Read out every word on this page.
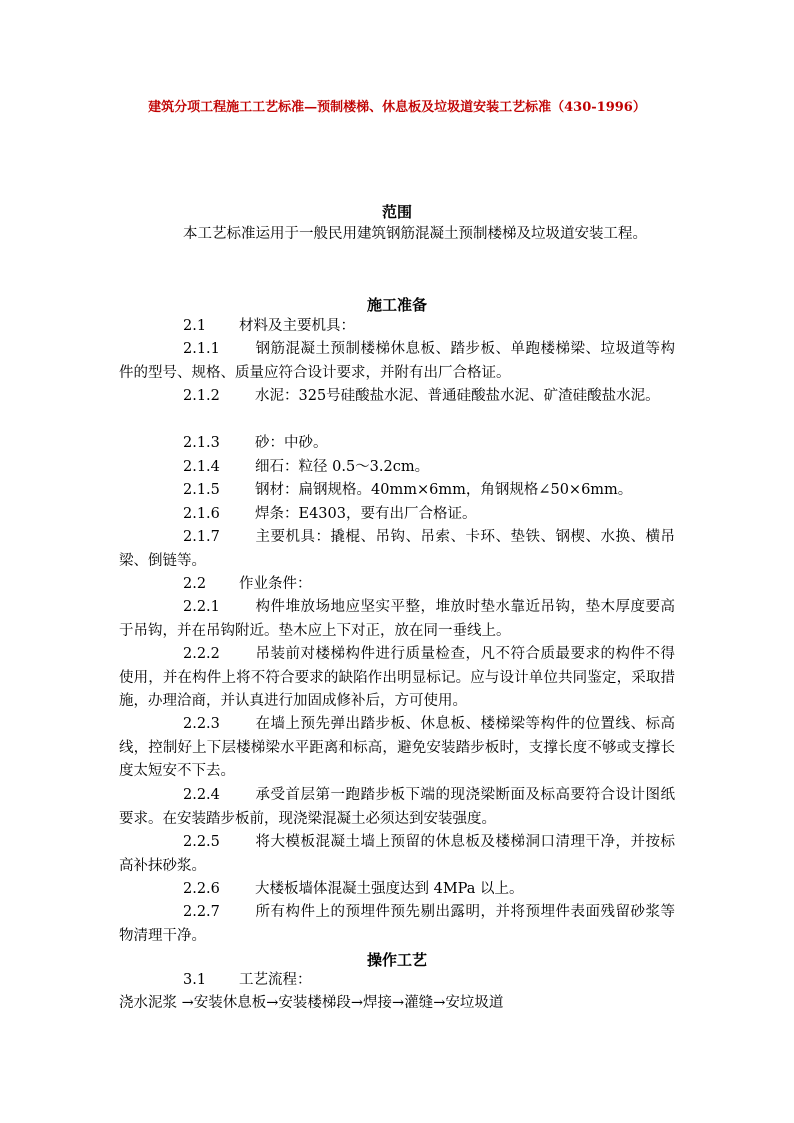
建筑分项工程施工工艺标准—预制楼梯、休息板及垃圾道安装工艺标准（430-1996）
范围
本工艺标准运用于一般民用建筑钢筋混凝土预制楼梯及垃圾道安装工程。
施工准备
2.1 材料及主要机具：
2.1.1 钢筋混凝土预制楼梯休息板、踏步板、单跑楼梯梁、垃圾道等构件的型号、规格、质量应符合设计要求，并附有出厂合格证。
2.1.2 水泥：325号硅酸盐水泥、普通硅酸盐水泥、矿渣硅酸盐水泥。
2.1.3 砂：中砂。
2.1.4 细石：粒径 0.5～3.2cm。
2.1.5 钢材：扁钢规格。40mm×6mm，角钢规格∠50×6mm。
2.1.6 焊条：E4303，要有出厂合格证。
2.1.7 主要机具：撬棍、吊钩、吊索、卡环、垫铁、钢楔、水换、横吊梁、倒链等。
2.2 作业条件：
2.2.1 构件堆放场地应坚实平整，堆放时垫水靠近吊钩，垫木厚度要高于吊钩，并在吊钩附近。垫木应上下对正，放在同一垂线上。
2.2.2 吊装前对楼梯构件进行质量检查，凡不符合质最要求的构件不得使用，并在构件上将不符合要求的缺陷作出明显标记。应与设计单位共同鉴定，采取措施，办理洽商，并认真进行加固成修补后，方可使用。
2.2.3 在墙上预先弹出踏步板、休息板、楼梯梁等构件的位置线、标高线，控制好上下层楼梯梁水平距离和标高，避免安装踏步板时，支撑长度不够或支撑长度太短安不下去。
2.2.4 承受首层第一跑踏步板下端的现浇梁断面及标高要符合设计图纸要求。在安装踏步板前，现浇梁混凝土必须达到安装强度。
2.2.5 将大模板混凝土墙上预留的休息板及楼梯洞口清理干净，并按标高补抹砂浆。
2.2.6 大楼板墙体混凝土强度达到 4MPa 以上。
2.2.7 所有构件上的预埋件预先剔出露明，并将预埋件表面残留砂浆等物清理干净。
操作工艺
3.1 工艺流程：
浇水泥浆 →安装休息板→安装楼梯段→焊接→灌缝→安垃圾道
